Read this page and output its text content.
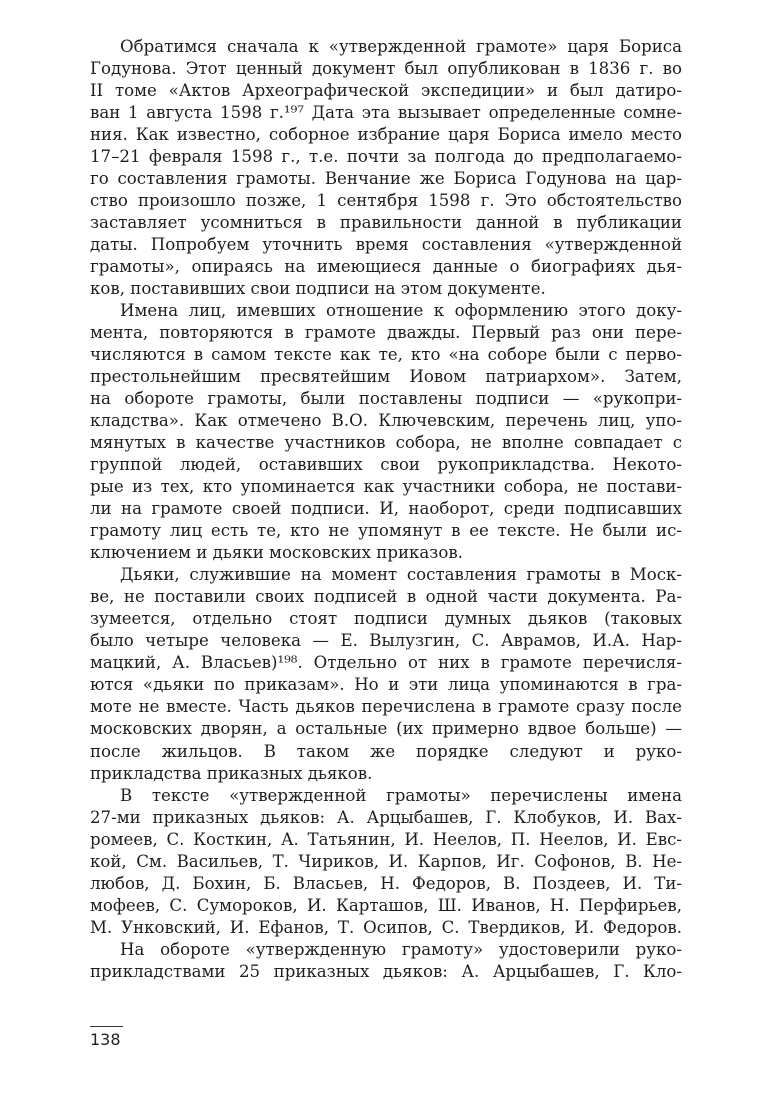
Обратимся сначала к «утвержденной грамоте» царя Бориса
Годунова. Этот ценный документ был опубликован в 1836 г. во
II томе «Актов Археографической экспедиции» и был датиро-
ван 1 августа 1598 г.¹⁹⁷ Дата эта вызывает определенные сомне-
ния. Как известно, соборное избрание царя Бориса имело место
17–21 февраля 1598 г., т.е. почти за полгода до предполагаемо-
го составления грамоты. Венчание же Бориса Годунова на цар-
ство произошло позже, 1 сентября 1598 г. Это обстоятельство
заставляет усомниться в правильности данной в публикации
даты. Попробуем уточнить время составления «утвержденной
грамоты», опираясь на имеющиеся данные о биографиях дья-
ков, поставивших свои подписи на этом документе.
Имена лиц, имевших отношение к оформлению этого доку-
мента, повторяются в грамоте дважды. Первый раз они пере-
числяются в самом тексте как те, кто «на соборе были с перво-
престольнейшим пресвятейшим Иовом патриархом». Затем,
на обороте грамоты, были поставлены подписи — «рукопри-
кладства». Как отмечено В.О. Ключевским, перечень лиц, упо-
мянутых в качестве участников собора, не вполне совпадает с
группой людей, оставивших свои рукоприкладства. Некото-
рые из тех, кто упоминается как участники собора, не постави-
ли на грамоте своей подписи. И, наоборот, среди подписавших
грамоту лиц есть те, кто не упомянут в ее тексте. Не были ис-
ключением и дьяки московских приказов.
Дьяки, служившие на момент составления грамоты в Моск-
ве, не поставили своих подписей в одной части документа. Ра-
зумеется, отдельно стоят подписи думных дьяков (таковых
было четыре человека — Е. Вылузгин, С. Аврамов, И.А. Нар-
мацкий, А. Власьев)¹⁹⁸. Отдельно от них в грамоте перечисля-
ются «дьяки по приказам». Но и эти лица упоминаются в гра-
моте не вместе. Часть дьяков перечислена в грамоте сразу после
московских дворян, а остальные (их примерно вдвое больше) —
после жильцов. В таком же порядке следуют и руко-
прикладства приказных дьяков.
В тексте «утвержденной грамоты» перечислены имена
27-ми приказных дьяков: А. Арцыбашев, Г. Клобуков, И. Вах-
ромеев, С. Косткин, А. Татьянин, И. Неелов, П. Неелов, И. Евс-
кой, См. Васильев, Т. Чириков, И. Карпов, Иг. Софонов, В. Не-
любов, Д. Бохин, Б. Власьев, Н. Федоров, В. Поздеев, И. Ти-
мофеев, С. Сумороков, И. Карташов, Ш. Иванов, Н. Перфирьев,
М. Унковский, И. Ефанов, Т. Осипов, С. Твердиков, И. Федоров.
На обороте «утвержденную грамоту» удостоверили руко-
прикладствами 25 приказных дьяков: А. Арцыбашев, Г. Кло-
138
